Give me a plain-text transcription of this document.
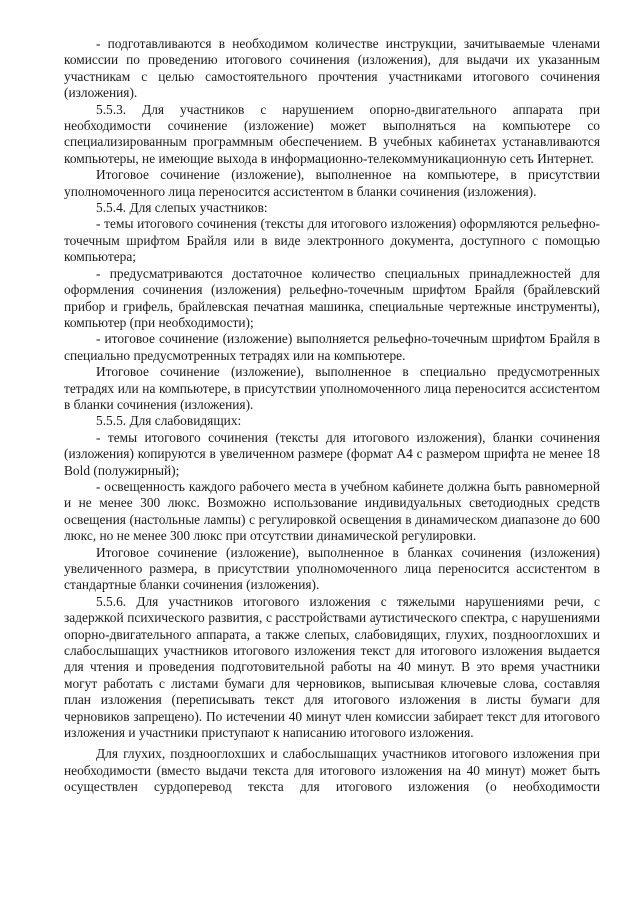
- подготавливаются в необходимом количестве инструкции, зачитываемые членами комиссии по проведению итогового сочинения (изложения), для выдачи их указанным участникам с целью самостоятельного прочтения участниками итогового сочинения (изложения).

5.5.3. Для участников с нарушением опорно-двигательного аппарата при необходимости сочинение (изложение) может выполняться на компьютере со специализированным программным обеспечением. В учебных кабинетах устанавливаются компьютеры, не имеющие выхода в информационно-телекоммуникационную сеть Интернет.

Итоговое сочинение (изложение), выполненное на компьютере, в присутствии уполномоченного лица переносится ассистентом в бланки сочинения (изложения).

5.5.4. Для слепых участников:

- темы итогового сочинения (тексты для итогового изложения) оформляются рельефно-точечным шрифтом Брайля или в виде электронного документа, доступного с помощью компьютера;

- предусматриваются достаточное количество специальных принадлежностей для оформления сочинения (изложения) рельефно-точечным шрифтом Брайля (брайлевский прибор и грифель, брайлевская печатная машинка, специальные чертежные инструменты), компьютер (при необходимости);

- итоговое сочинение (изложение) выполняется рельефно-точечным шрифтом Брайля в специально предусмотренных тетрадях или на компьютере.

Итоговое сочинение (изложение), выполненное в специально предусмотренных тетрадях или на компьютере, в присутствии уполномоченного лица переносится ассистентом в бланки сочинения (изложения).

5.5.5. Для слабовидящих:

- темы итогового сочинения (тексты для итогового изложения), бланки сочинения (изложения) копируются в увеличенном размере (формат А4 с размером шрифта не менее 18 Bold (полужирный);

- освещенность каждого рабочего места в учебном кабинете должна быть равномерной и не менее 300 люкс. Возможно использование индивидуальных светодиодных средств освещения (настольные лампы) с регулировкой освещения в динамическом диапазоне до 600 люкс, но не менее 300 люкс при отсутствии динамической регулировки.

Итоговое сочинение (изложение), выполненное в бланках сочинения (изложения) увеличенного размера, в присутствии уполномоченного лица переносится ассистентом в стандартные бланки сочинения (изложения).

5.5.6. Для участников итогового изложения с тяжелыми нарушениями речи, с задержкой психического развития, с расстройствами аутистического спектра, с нарушениями опорно-двигательного аппарата, а также слепых, слабовидящих, глухих, позднооглохших и слабослышащих участников итогового изложения текст для итогового изложения выдается для чтения и проведения подготовительной работы на 40 минут. В это время участники могут работать с листами бумаги для черновиков, выписывая ключевые слова, составляя план изложения (переписывать текст для итогового изложения в листы бумаги для черновиков запрещено). По истечении 40 минут член комиссии забирает текст для итогового изложения и участники приступают к написанию итогового изложения.

Для глухих, позднооглохших и слабослышащих участников итогового изложения при необходимости (вместо выдачи текста для итогового изложения на 40 минут) может быть осуществлен сурдоперевод текста для итогового изложения (о необходимости
